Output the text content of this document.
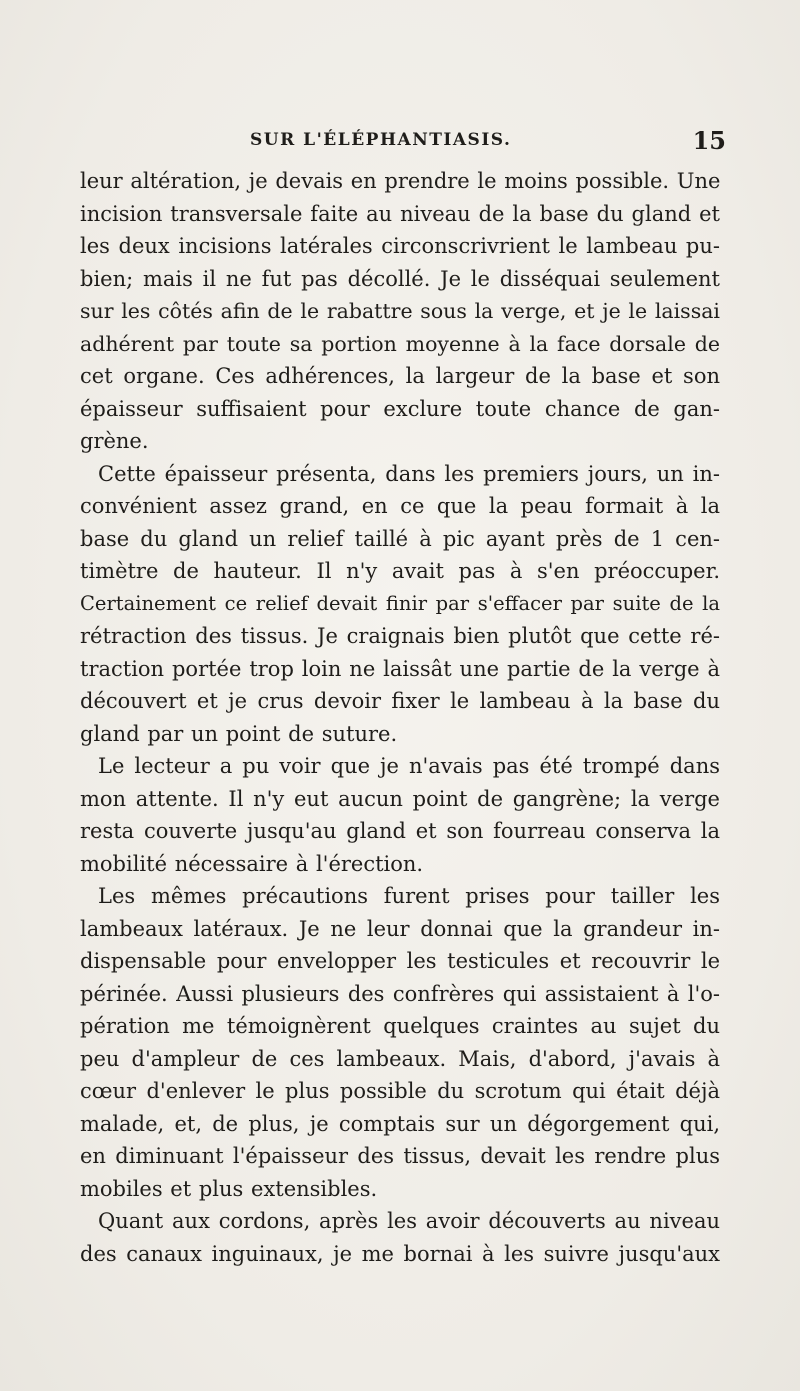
SUR L'ÉLÉPHANTIASIS.	15
leur altération, je devais en prendre le moins possible. Une
incision transversale faite au niveau de la base du gland et
les deux incisions latérales circonscrivrient le lambeau pu-
bien; mais il ne fut pas décollé. Je le disséquai seulement
sur les côtés afin de le rabattre sous la verge, et je le laissai
adhérent par toute sa portion moyenne à la face dorsale de
cet organe. Ces adhérences, la largeur de la base et son
épaisseur suffisaient pour exclure toute chance de gan-
grène.
Cette épaisseur présenta, dans les premiers jours, un in-
convénient assez grand, en ce que la peau formait à la
base du gland un relief taillé à pic ayant près de 1 cen-
timètre de hauteur. Il n'y avait pas à s'en préoccuper.
Certainement ce relief devait finir par s'effacer par suite de la
rétraction des tissus. Je craignais bien plutôt que cette ré-
traction portée trop loin ne laissât une partie de la verge à
découvert et je crus devoir fixer le lambeau à la base du
gland par un point de suture.
Le lecteur a pu voir que je n'avais pas été trompé dans
mon attente. Il n'y eut aucun point de gangrène; la verge
resta couverte jusqu'au gland et son fourreau conserva la
mobilité nécessaire à l'érection.
Les mêmes précautions furent prises pour tailler les
lambeaux latéraux. Je ne leur donnai que la grandeur in-
dispensable pour envelopper les testicules et recouvrir le
périnée. Aussi plusieurs des confrères qui assistaient à l'o-
pération me témoignèrent quelques craintes au sujet du
peu d'ampleur de ces lambeaux. Mais, d'abord, j'avais à
cœur d'enlever le plus possible du scrotum qui était déjà
malade, et, de plus, je comptais sur un dégorgement qui,
en diminuant l'épaisseur des tissus, devait les rendre plus
mobiles et plus extensibles.
Quant aux cordons, après les avoir découverts au niveau
des canaux inguinaux, je me bornai à les suivre jusqu'aux
